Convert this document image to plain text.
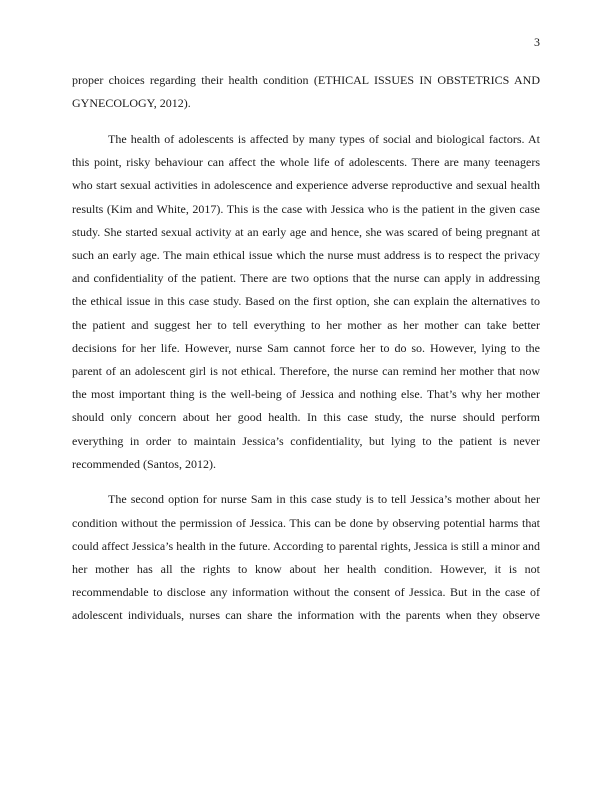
3

proper choices regarding their health condition (ETHICAL ISSUES IN OBSTETRICS AND GYNECOLOGY, 2012).

The health of adolescents is affected by many types of social and biological factors. At this point, risky behaviour can affect the whole life of adolescents. There are many teenagers who start sexual activities in adolescence and experience adverse reproductive and sexual health results (Kim and White, 2017). This is the case with Jessica who is the patient in the given case study. She started sexual activity at an early age and hence, she was scared of being pregnant at such an early age. The main ethical issue which the nurse must address is to respect the privacy and confidentiality of the patient. There are two options that the nurse can apply in addressing the ethical issue in this case study. Based on the first option, she can explain the alternatives to the patient and suggest her to tell everything to her mother as her mother can take better decisions for her life. However, nurse Sam cannot force her to do so. However, lying to the parent of an adolescent girl is not ethical. Therefore, the nurse can remind her mother that now the most important thing is the well-being of Jessica and nothing else. That’s why her mother should only concern about her good health. In this case study, the nurse should perform everything in order to maintain Jessica’s confidentiality, but lying to the patient is never recommended (Santos, 2012).

The second option for nurse Sam in this case study is to tell Jessica’s mother about her condition without the permission of Jessica. This can be done by observing potential harms that could affect Jessica’s health in the future. According to parental rights, Jessica is still a minor and her mother has all the rights to know about her health condition. However, it is not recommendable to disclose any information without the consent of Jessica. But in the case of adolescent individuals, nurses can share the information with the parents when they observe
